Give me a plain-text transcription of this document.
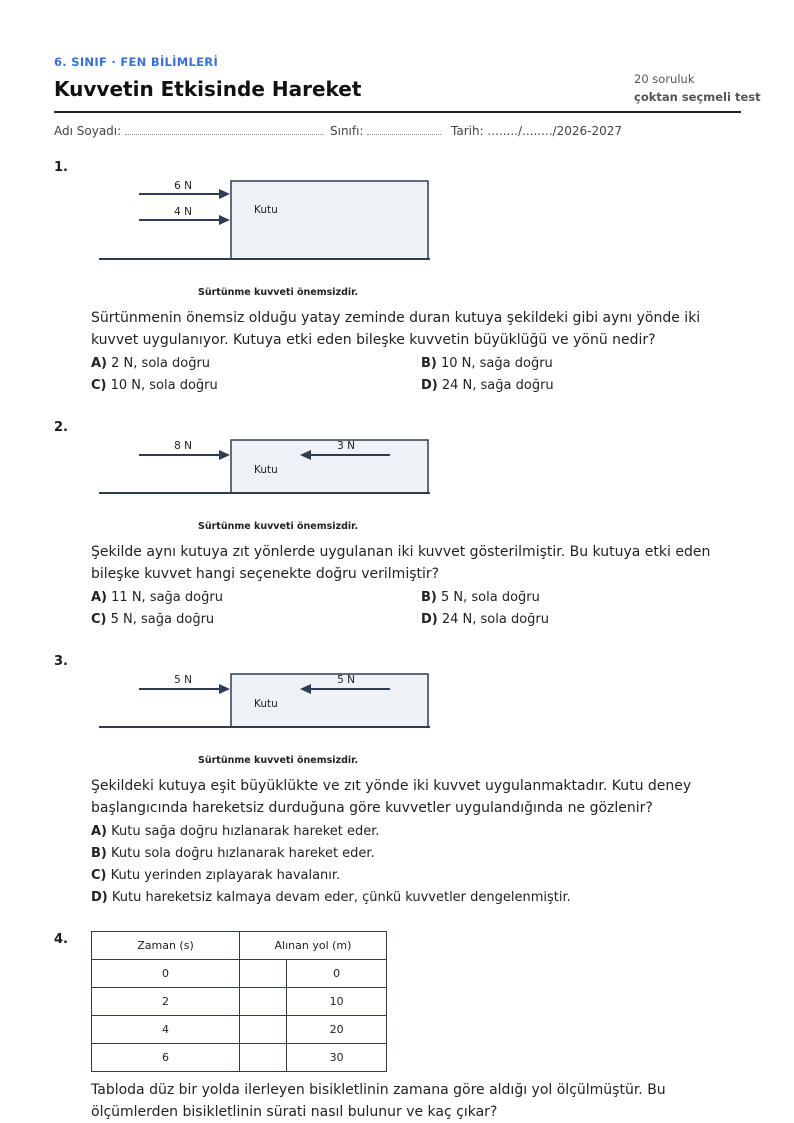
6. SINIF · FEN BİLİMLERİ
Kuvvetin Etkisinde Hareket	20 soruluk
çoktan seçmeli test
Adı Soyadı:	Sınıfı:	Tarih: ......../......../2026-2027
1.
6 N
4 N	Kutu
Sürtünme kuvveti önemsizdir.
Sürtünmenin önemsiz olduğu yatay zeminde duran kutuya şekildeki gibi aynı yönde iki kuvvet uygulanıyor. Kutuya etki eden bileşke kuvvetin büyüklüğü ve yönü nedir?
A) 2 N, sola doğru	B) 10 N, sağa doğru
C) 10 N, sola doğru	D) 24 N, sağa doğru
2.
8 N	3 N
Kutu
Sürtünme kuvveti önemsizdir.
Şekilde aynı kutuya zıt yönlerde uygulanan iki kuvvet gösterilmiştir. Bu kutuya etki eden bileşke kuvvet hangi seçenekte doğru verilmiştir?
A) 11 N, sağa doğru	B) 5 N, sola doğru
C) 5 N, sağa doğru	D) 24 N, sola doğru
3.
5 N	5 N
Kutu
Sürtünme kuvveti önemsizdir.
Şekildeki kutuya eşit büyüklükte ve zıt yönde iki kuvvet uygulanmaktadır. Kutu deney başlangıcında hareketsiz durduğuna göre kuvvetler uygulandığında ne gözlenir?
A) Kutu sağa doğru hızlanarak hareket eder.
B) Kutu sola doğru hızlanarak hareket eder.
C) Kutu yerinden zıplayarak havalanır.
D) Kutu hareketsiz kalmaya devam eder, çünkü kuvvetler dengelenmiştir.
4.	Zaman (s)	Alınan yol (m)	
0		0
2		10
4		20
6		30
Tabloda düz bir yolda ilerleyen bisikletlinin zamana göre aldığı yol ölçülmüştür. Bu ölçümlerden bisikletlinin sürati nasıl bulunur ve kaç çıkar?
